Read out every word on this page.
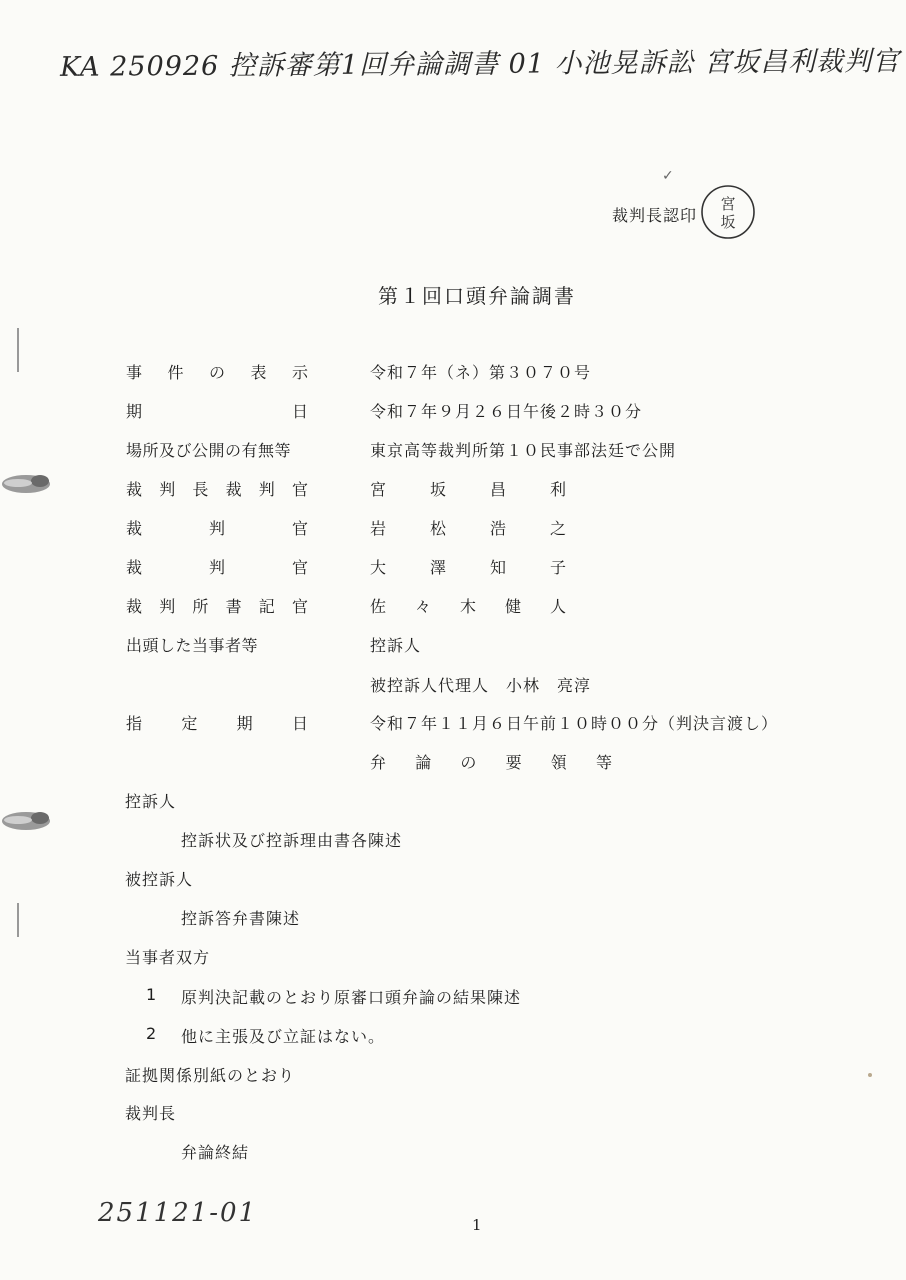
KA 250926 控訴審第1回弁論調書 01 小池晃訴訟 宮坂昌利裁判官
✓
裁判長認印
宮
坂
第１回口頭弁論調書
事 件 の 表 示	令和７年（ネ）第３０７０号
期	日	令和７年９月２６日午後２時３０分
場所及び公開の有無等	東京高等裁判所第１０民事部法廷で公開
裁 判 長 裁 判 官	宮	坂	昌	利
裁	判	官	岩	松	浩	之
裁	判	官	大	澤	知	子
裁 判 所 書 記 官	佐 々 木 健 人
出頭した当事者等	控訴人
被控訴人代理人　小林　亮淳
指 定 期 日	令和７年１１月６日午前１０時００分（判決言渡し）
弁 論 の 要 領 等
控訴人
控訴状及び控訴理由書各陳述
被控訴人
控訴答弁書陳述
当事者双方
1 原判決記載のとおり原審口頭弁論の結果陳述
2 他に主張及び立証はない。
証拠関係別紙のとおり
裁判長
弁論終結
251121-01	1
